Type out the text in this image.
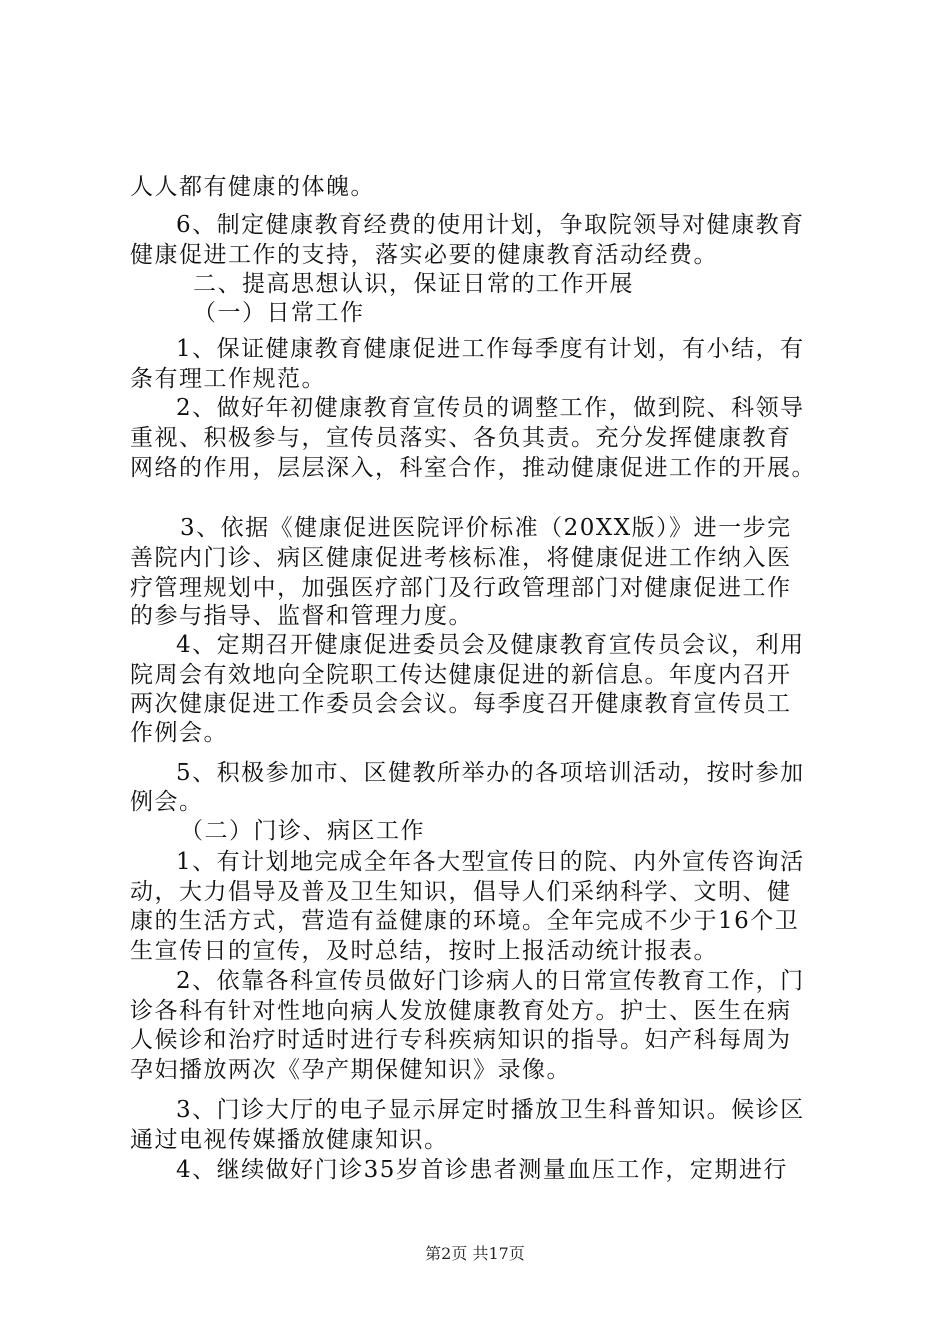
人人都有健康的体魄。
6、制定健康教育经费的使用计划，争取院领导对健康教育
健康促进工作的支持，落实必要的健康教育活动经费。
二、提高思想认识，保证日常的工作开展
（一）日常工作
1、保证健康教育健康促进工作每季度有计划，有小结，有
条有理工作规范。
2、做好年初健康教育宣传员的调整工作，做到院、科领导
重视、积极参与，宣传员落实、各负其责。充分发挥健康教育
网络的作用，层层深入，科室合作，推动健康促进工作的开展。
3、依据《健康促进医院评价标准（20XX版）》进一步完
善院内门诊、病区健康促进考核标准，将健康促进工作纳入医
疗管理规划中，加强医疗部门及行政管理部门对健康促进工作
的参与指导、监督和管理力度。
4、定期召开健康促进委员会及健康教育宣传员会议，利用
院周会有效地向全院职工传达健康促进的新信息。年度内召开
两次健康促进工作委员会会议。每季度召开健康教育宣传员工
作例会。
5、积极参加市、区健教所举办的各项培训活动，按时参加
例会。
（二）门诊、病区工作
1、有计划地完成全年各大型宣传日的院、内外宣传咨询活
动，大力倡导及普及卫生知识，倡导人们采纳科学、文明、健
康的生活方式，营造有益健康的环境。全年完成不少于16个卫
生宣传日的宣传，及时总结，按时上报活动统计报表。
2、依靠各科宣传员做好门诊病人的日常宣传教育工作，门
诊各科有针对性地向病人发放健康教育处方。护士、医生在病
人候诊和治疗时适时进行专科疾病知识的指导。妇产科每周为
孕妇播放两次《孕产期保健知识》录像。
3、门诊大厅的电子显示屏定时播放卫生科普知识。候诊区
通过电视传媒播放健康知识。
4、继续做好门诊35岁首诊患者测量血压工作，定期进行
第2页 共17页
